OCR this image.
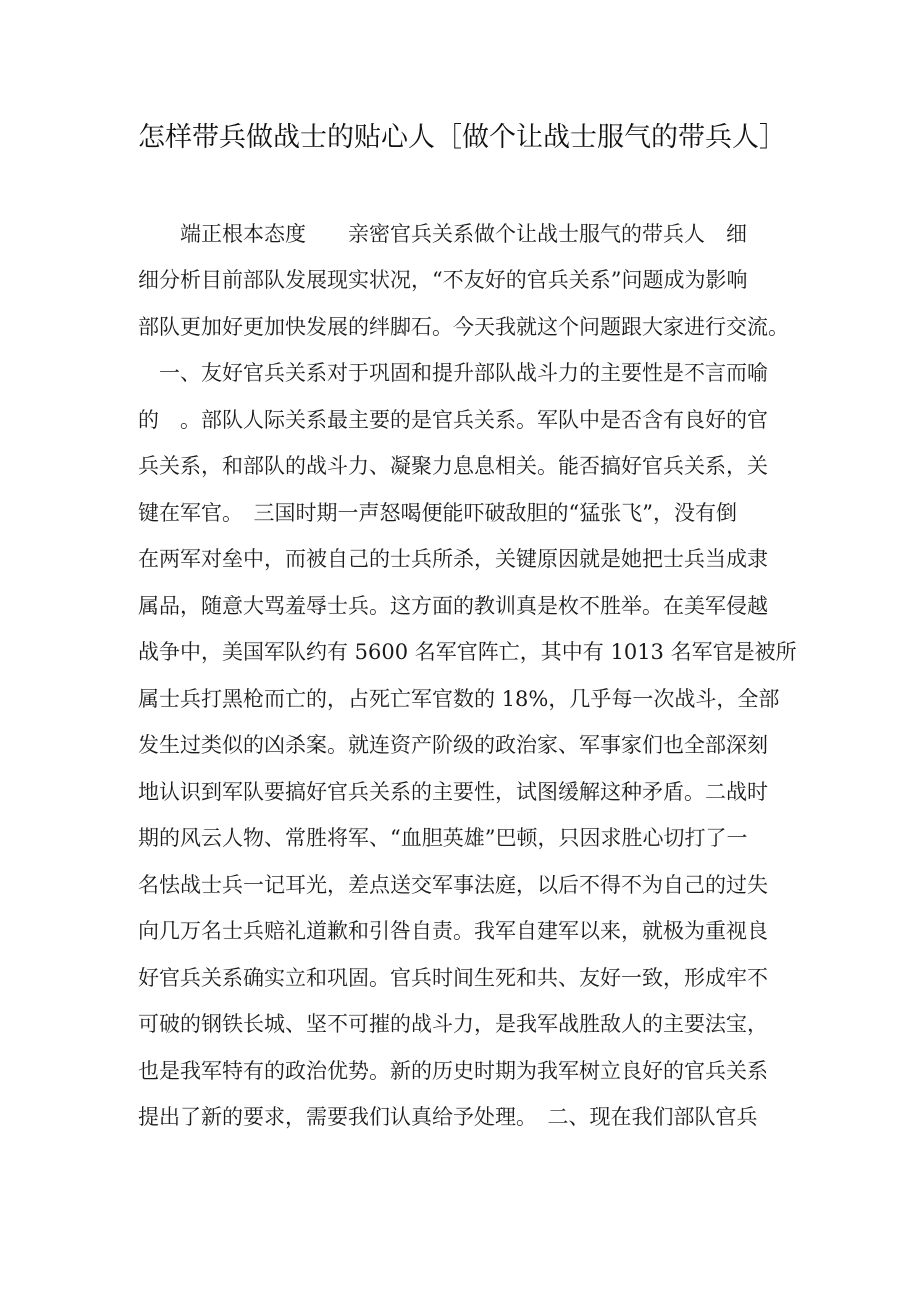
怎样带兵做战士的贴心人［做个让战士服气的带兵人］
　　端正根本态度　　亲密官兵关系做个让战士服气的带兵人　细
细分析目前部队发展现实状况，“不友好的官兵关系”问题成为影响
部队更加好更加快发展的绊脚石。今天我就这个问题跟大家进行交流。
　一、友好官兵关系对于巩固和提升部队战斗力的主要性是不言而喻
的　。部队人际关系最主要的是官兵关系。军队中是否含有良好的官
兵关系，和部队的战斗力、凝聚力息息相关。能否搞好官兵关系，关
键在军官。　三国时期一声怒喝便能吓破敌胆的“猛张飞”，没有倒
在两军对垒中，而被自己的士兵所杀，关键原因就是她把士兵当成隶
属品，随意大骂羞辱士兵。这方面的教训真是枚不胜举。在美军侵越
战争中，美国军队约有 5600 名军官阵亡，其中有 1013 名军官是被所
属士兵打黑枪而亡的，占死亡军官数的 18%，几乎每一次战斗，全部
发生过类似的凶杀案。就连资产阶级的政治家、军事家们也全部深刻
地认识到军队要搞好官兵关系的主要性，试图缓解这种矛盾。二战时
期的风云人物、常胜将军、“血胆英雄”巴顿，只因求胜心切打了一
名怯战士兵一记耳光，差点送交军事法庭，以后不得不为自己的过失
向几万名士兵赔礼道歉和引咎自责。我军自建军以来，就极为重视良
好官兵关系确实立和巩固。官兵时间生死和共、友好一致，形成牢不
可破的钢铁长城、坚不可摧的战斗力，是我军战胜敌人的主要法宝，
也是我军特有的政治优势。新的历史时期为我军树立良好的官兵关系
提出了新的要求，需要我们认真给予处理。　二、现在我们部队官兵
